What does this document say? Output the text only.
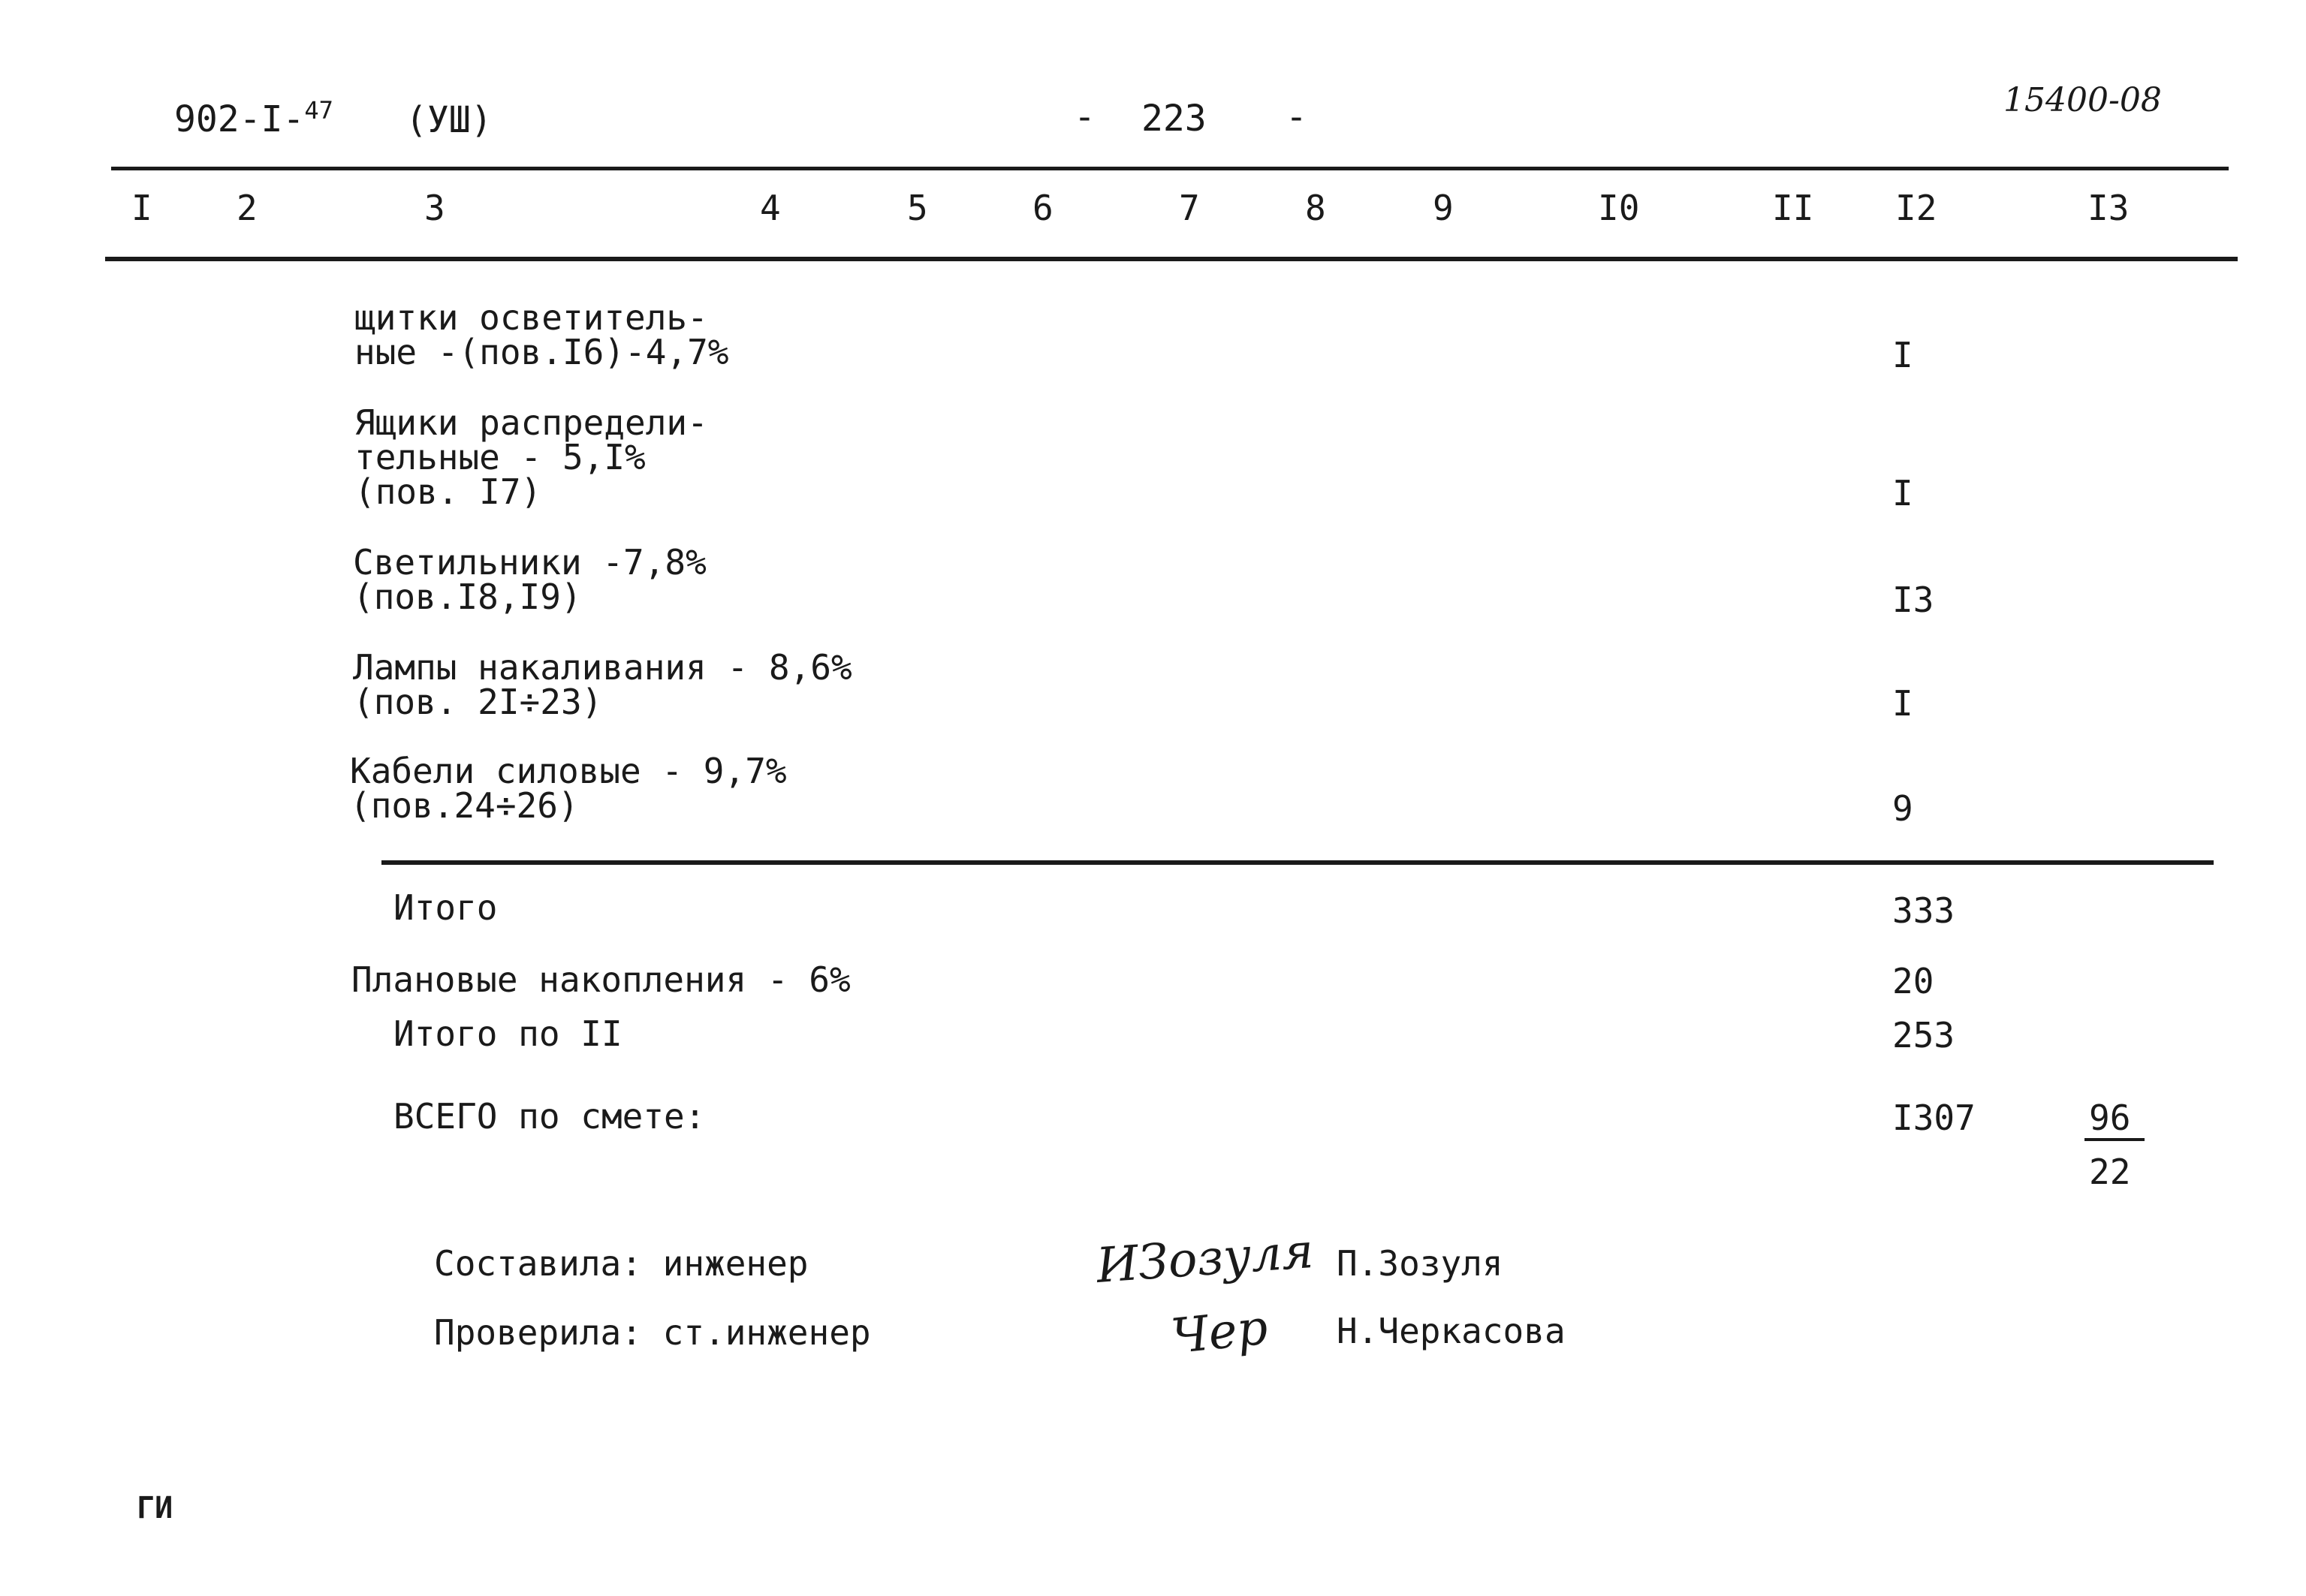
902-I-$^{47}$ (УШ)	- 223 -	15400-08
I 2	3	4	5	6	7	8	9	I0	II I2	I3
щитки осветитель-
ные -(пов.I6)-4,7%	I
Ящики распредели-
тельные - 5,I%
(пов. I7)	I
Светильники -7,8%
(пов.I8,I9)	I3
Лампы накаливания - 8,6%
(пов. 2I÷23)	I
Кабели силовые - 9,7%
(пов.24÷26)	9
Итого	333
Плановые накопления - 6%	20
Итого по II	253
ВСЕГО по смете:	I307	96
22
Составила: инженер	ИЗозуля П.Зозуля
Проверила: ст.инженер	Чер Н.Черкасова
ГИ
